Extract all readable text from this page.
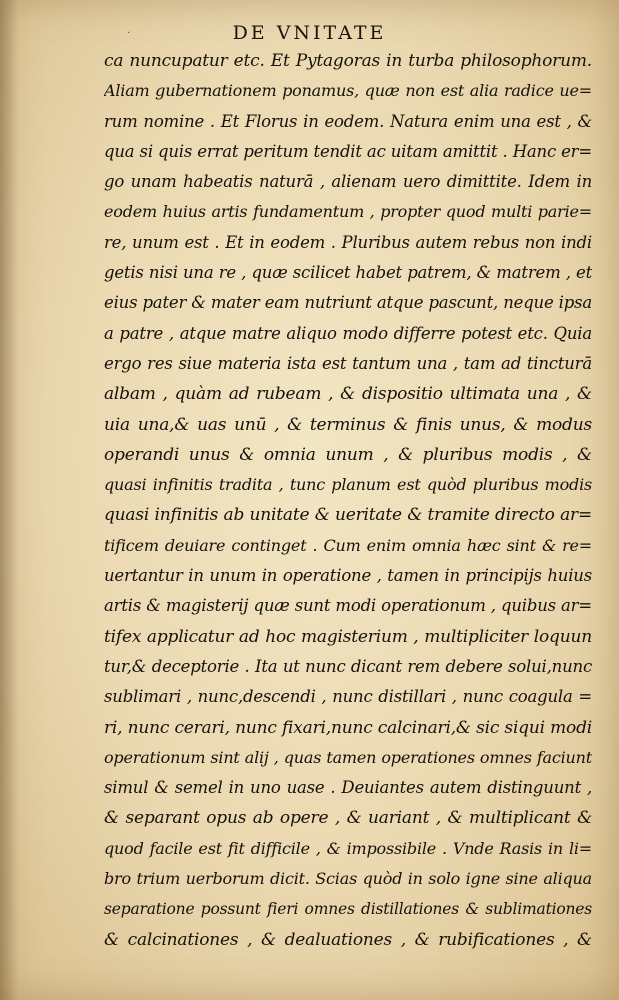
·	DE VNITATE
ca nuncupatur etc. Et Pytagoras in turba philosophorum.
Aliam gubernationem ponamus, quæ non est alia radice ue=
rum nomine . Et Florus in eodem. Natura enim una est , &
qua si quis errat peritum tendit ac uitam amittit . Hanc er=
go unam habeatis naturā , alienam uero dimittite. Idem in
eodem huius artis fundamentum , propter quod multi parie=
re, unum est . Et in eodem . Pluribus autem rebus non indi
getis nisi una re , quæ scilicet habet patrem, & matrem , et
eius pater & mater eam nutriunt atque pascunt, neque ipsa
a patre , atque matre aliquo modo differre potest etc. Quia
ergo res siue materia ista est tantum una , tam ad tincturā
albam , quàm ad rubeam , & dispositio ultimata una , &
uia una,& uas unū , & terminus & finis unus, & modus
operandi unus & omnia unum , & pluribus modis , &
quasi infinitis tradita , tunc planum est quòd pluribus modis
quasi infinitis ab unitate & ueritate & tramite directo ar=
tificem deuiare continget . Cum enim omnia hæc sint & re=
uertantur in unum in operatione , tamen in principijs huius
artis & magisterij quæ sunt modi operationum , quibus ar=
tifex applicatur ad hoc magisterium , multipliciter loquun
tur,& deceptorie . Ita ut nunc dicant rem debere solui,nunc
sublimari , nunc,descendi , nunc distillari , nunc coagula =
ri, nunc cerari, nunc fixari,nunc calcinari,& sic siqui modi
operationum sint alij , quas tamen operationes omnes faciunt
simul & semel in uno uase . Deuiantes autem distinguunt ,
& separant opus ab opere , & uariant , & multiplicant &
quod facile est fit difficile , & impossibile . Vnde Rasis in li=
bro trium uerborum dicit. Scias quòd in solo igne sine aliqua
separatione possunt fieri omnes distillationes & sublimationes
& calcinationes , & dealuationes , & rubificationes , &
